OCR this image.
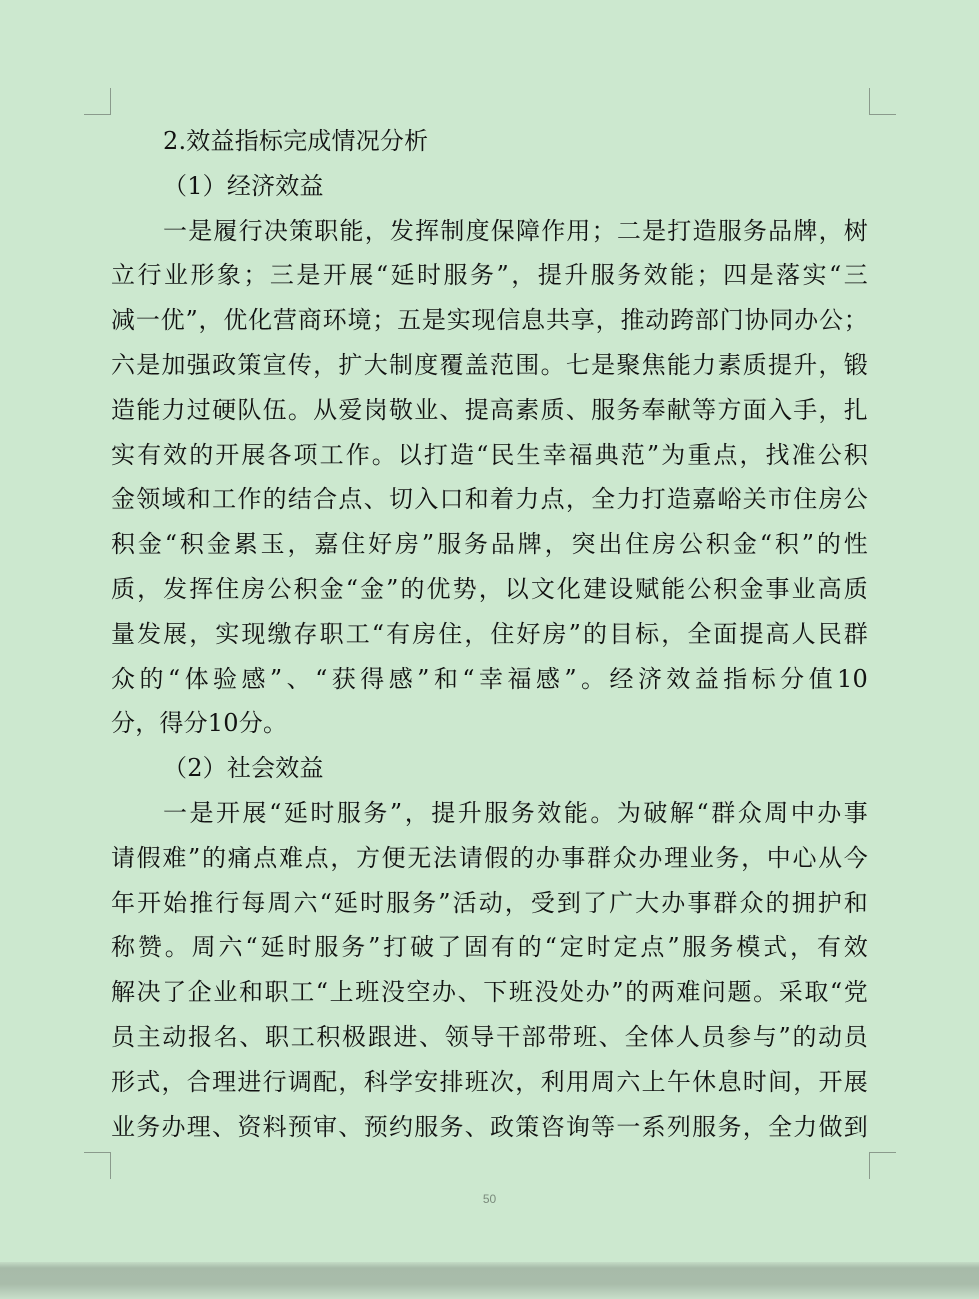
2.效益指标完成情况分析
（1）经济效益
一是履行决策职能，发挥制度保障作用；二是打造服务品牌，树
立行业形象；三是开展“延时服务”，提升服务效能；四是落实“三
减一优”，优化营商环境；五是实现信息共享，推动跨部门协同办公；
六是加强政策宣传，扩大制度覆盖范围。七是聚焦能力素质提升，锻
造能力过硬队伍。从爱岗敬业、提高素质、服务奉献等方面入手，扎
实有效的开展各项工作。以打造“民生幸福典范”为重点，找准公积
金领域和工作的结合点、切入口和着力点，全力打造嘉峪关市住房公
积金“积金累玉，嘉住好房”服务品牌，突出住房公积金“积”的性
质，发挥住房公积金“金”的优势，以文化建设赋能公积金事业高质
量发展，实现缴存职工“有房住，住好房”的目标，全面提高人民群
众的“体验感”、“获得感”和“幸福感”。经济效益指标分值10
分，得分10分。
（2）社会效益
一是开展“延时服务”，提升服务效能。为破解“群众周中办事
请假难”的痛点难点，方便无法请假的办事群众办理业务，中心从今
年开始推行每周六“延时服务”活动，受到了广大办事群众的拥护和
称赞。周六“延时服务”打破了固有的“定时定点”服务模式，有效
解决了企业和职工“上班没空办、下班没处办”的两难问题。采取“党
员主动报名、职工积极跟进、领导干部带班、全体人员参与”的动员
形式，合理进行调配，科学安排班次，利用周六上午休息时间，开展
业务办理、资料预审、预约服务、政策咨询等一系列服务，全力做到
50
